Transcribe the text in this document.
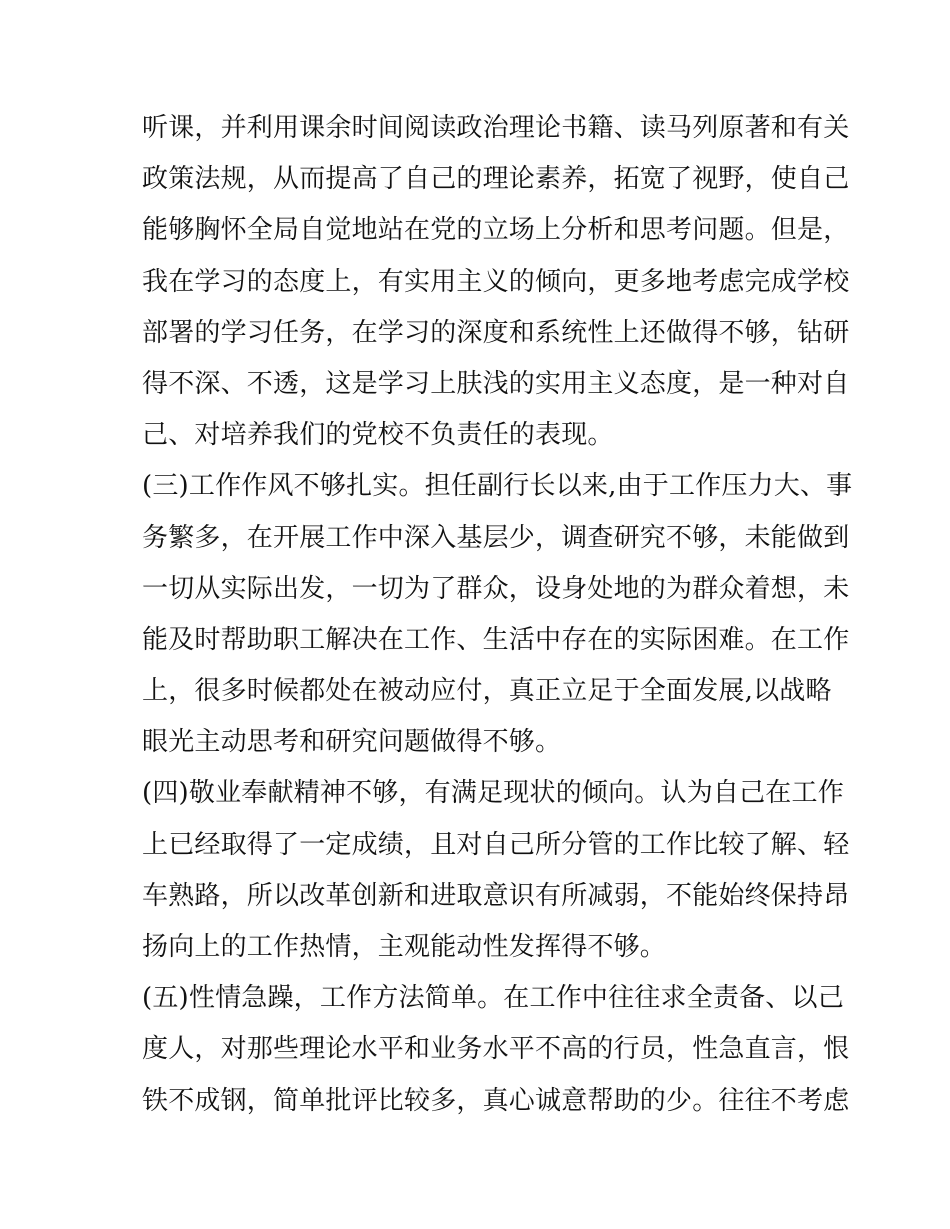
听课，并利用课余时间阅读政治理论书籍、读马列原著和有关
政策法规，从而提高了自己的理论素养，拓宽了视野，使自己
能够胸怀全局自觉地站在党的立场上分析和思考问题。但是，
我在学习的态度上，有实用主义的倾向，更多地考虑完成学校
部署的学习任务，在学习的深度和系统性上还做得不够，钻研
得不深、不透，这是学习上肤浅的实用主义态度，是一种对自
己、对培养我们的党校不负责任的表现。
(三)工作作风不够扎实。担任副行长以来,由于工作压力大、事
务繁多，在开展工作中深入基层少，调查研究不够，未能做到
一切从实际出发，一切为了群众，设身处地的为群众着想，未
能及时帮助职工解决在工作、生活中存在的实际困难。在工作
上，很多时候都处在被动应付，真正立足于全面发展,以战略
眼光主动思考和研究问题做得不够。
(四)敬业奉献精神不够，有满足现状的倾向。认为自己在工作
上已经取得了一定成绩，且对自己所分管的工作比较了解、轻
车熟路，所以改革创新和进取意识有所减弱，不能始终保持昂
扬向上的工作热情，主观能动性发挥得不够。
(五)性情急躁，工作方法简单。在工作中往往求全责备、以己
度人，对那些理论水平和业务水平不高的行员，性急直言，恨
铁不成钢，简单批评比较多，真心诚意帮助的少。往往不考虑
